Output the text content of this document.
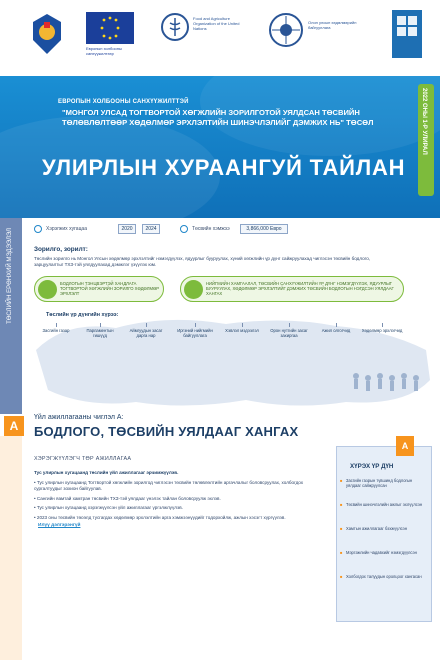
Европын холбооны санхүүжилтээр
Food and Agriculture Organization of the United Nations
Олон улсын хөдөлмөрийн байгууллага
ЕВРОПЫН ХОЛБООНЫ САНХҮҮЖИЛТТЭЙ
"МОНГОЛ УЛСАД ТОГТВОРТОЙ ХӨГЖЛИЙН ЗОРИЛГОТОЙ УЯЛДСАН ТӨСВИЙН ТӨЛӨВЛӨЛТӨӨР ХӨДӨЛМӨР ЭРХЛЭЛТИЙН ШИНЭЧЛЭЛИЙГ ДЭМЖИХ НЬ" ТӨСӨЛ
УЛИРЛЫН ХУРААНГУЙ ТАЙЛАН
2022 ОНЫ 1-Р УЛИРАЛ
ТӨСЛИЙН ЕРӨНХИЙ МЭДЭЭЛЭЛ	Хэрэгжих хугацаа	2020	2024	Төсвийн хэмжээ	3,866,000 Евро
Зорилго, зорилт:
Төслийн зорилго нь Монгол Улсын хөдөлмөр эрхлэлтийг нэмэгдүүлэх, ядуурлыг бууруулах, хүний хөгжлийн үр дүнг сайжруулахад чиглэсэн төсвийн бодлого, зарцуулалтыг ТХЗ-тэй уялдуулахад дэмжлэг үзүүлэх юм.
БОДЛОГЫН ТЭНЦВЭРТЭЙ ХАНДЛАГА ТОГТВОРТОЙ ХӨГЖЛИЙН ЗОРИЛГО ХӨДӨЛМӨР ЭРХЛЭЛТ
НИЙГМИЙН ХАМГААЛАЛ, ТӨСВИЙН САНХҮҮЖИЛТИЙН ҮР ДҮНГ НЭМЭГДҮҮЛЭХ, ЯДУУРЛЫГ БУУРУУЛАХ, ХӨДӨЛМӨР ЭРХЛЭЛТИЙГ ДЭМЖИХ ТӨСВИЙН БОДЛОГЫН НЭГДСЭН УЯЛДААГ ХАНГАХ
Төслийн үр дүнгийн хүрээ:
Засгийн газар	Парламентын гишүүд
Аймгуудын засаг дарга нар
Иргэний нийгмийн байгууллага
Хэвлэл мэдээлэл	Орон нутгийн засаг захиргаа
Ажил олгогчид	Хөдөлмөр эрхлэгчид
А
Үйл ажиллагааны чиглэл А:
БОДЛОГО, ТӨСВИЙН УЯЛДААГ ХАНГАХ
ХЭРЭГЖҮҮЛЭГЧ ТӨР АЖИЛЛАГАА

Тус улирлын хугацаанд төслийн үйл ажиллагааг эрчимжүүлэв.

• Тус улирлын хугацаанд Тогтвортой хөгжлийн зорилгод чиглэсэн төсвийн төлөвлөлтийн аргачлалыг боловсруулах, холбогдох сургалтуудыг зохион байгуулав.

• Сангийн яамтай хамтран төсвийн ТХЗ-тэй уялдааг үнэлэх тайлан боловсруулж эхлэв.

• Тус улирлын хугацаанд хэрэгжүүлсэн үйл ажиллагааг үргэлжлүүлэв.

• 2023 оны төсвийн төсөлд тусгагдах хөдөлмөр эрхлэлтийн арга хэмжээнүүдийг тодорхойлж, ажлын хэсэгт хүргүүлэв.Илүү дэлгэрэнгүй

А
ХҮРЭХ ҮР ДҮН
■ Засгийн газрын түвшинд бодлогын уялдааг сайжруулсан
■ Төсвийн шинэчлэлийн ажлыг эхлүүлсэн
■ Хамтын ажиллагааг бэхжүүлсэн
■ Мэргэжлийн чадавхийг нэмэгдүүлсэн
■ Холбогдох талуудын оролцоог хангасан
